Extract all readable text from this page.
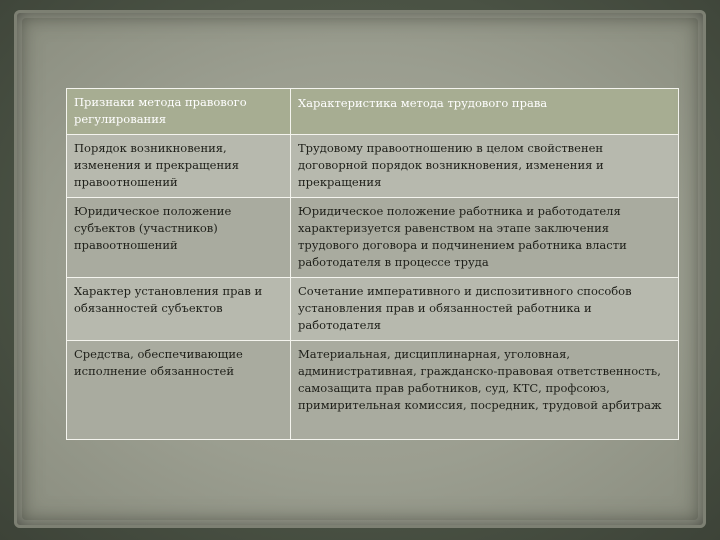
Признаки метода правового регулирования	Характеристика метода трудового права
Порядок возникновения, изменения и прекращения правоотношений	Трудовому правоотношению в целом свойственен договорной порядок возникновения, изменения и прекращения
Юридическое положение субъектов (участников) правоотношений	Юридическое положение работника и работодателя характеризуется равенством на этапе заключения трудового договора и подчинением работника власти работодателя в процессе труда
Характер установления прав и обязанностей субъектов	Сочетание императивного и диспозитивного способов установления прав и обязанностей работника и работодателя
Средства, обеспечивающие исполнение обязанностей	Материальная, дисциплинарная, уголовная, административная, гражданско-правовая ответственность, самозащита прав работников, суд, КТС, профсоюз, примирительная комиссия, посредник, трудовой арбитраж
